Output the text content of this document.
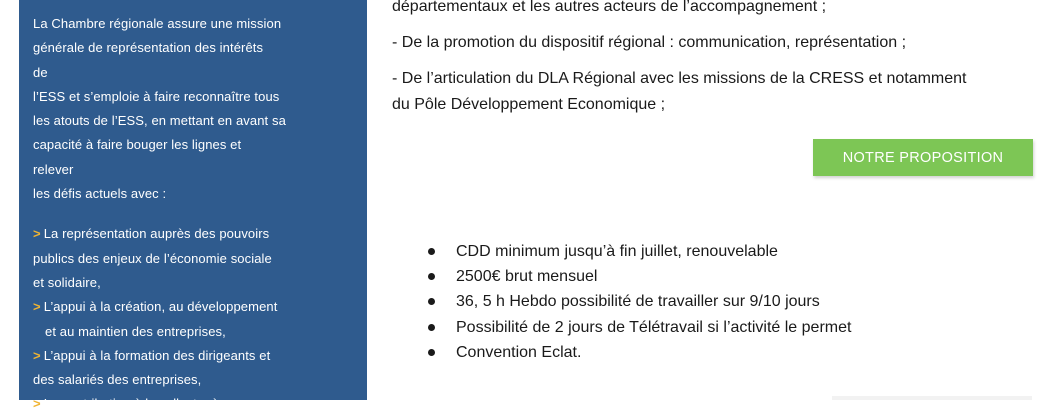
La Chambre régionale assure une mission

générale de représentation des intérêts

de

l’ESS et s’emploie à faire reconnaître tous

les atouts de l’ESS, en mettant en avant sa

capacité à faire bouger les lignes et

relever

les défis actuels avec :

> La représentation auprès des pouvoirs

publics des enjeux de l’économie sociale

et solidaire,

> L’appui à la création, au développement

et au maintien des entreprises,

> L’appui à la formation des dirigeants et

des salariés des entreprises,

> La contribution à la collecte, à

départementaux et les autres acteurs de l’accompagnement ;

- De la promotion du dispositif régional : communication, représentation ;

- De l’articulation du DLA Régional avec les missions de la CRESS et notamment

du Pôle Développement Economique ;

NOTRE PROPOSITION
CDD minimum jusqu’à fin juillet, renouvelable
2500€ brut mensuel
36, 5 h Hebdo possibilité de travailler sur 9/10 jours
Possibilité de 2 jours de Télétravail si l’activité le permet
Convention Eclat.
